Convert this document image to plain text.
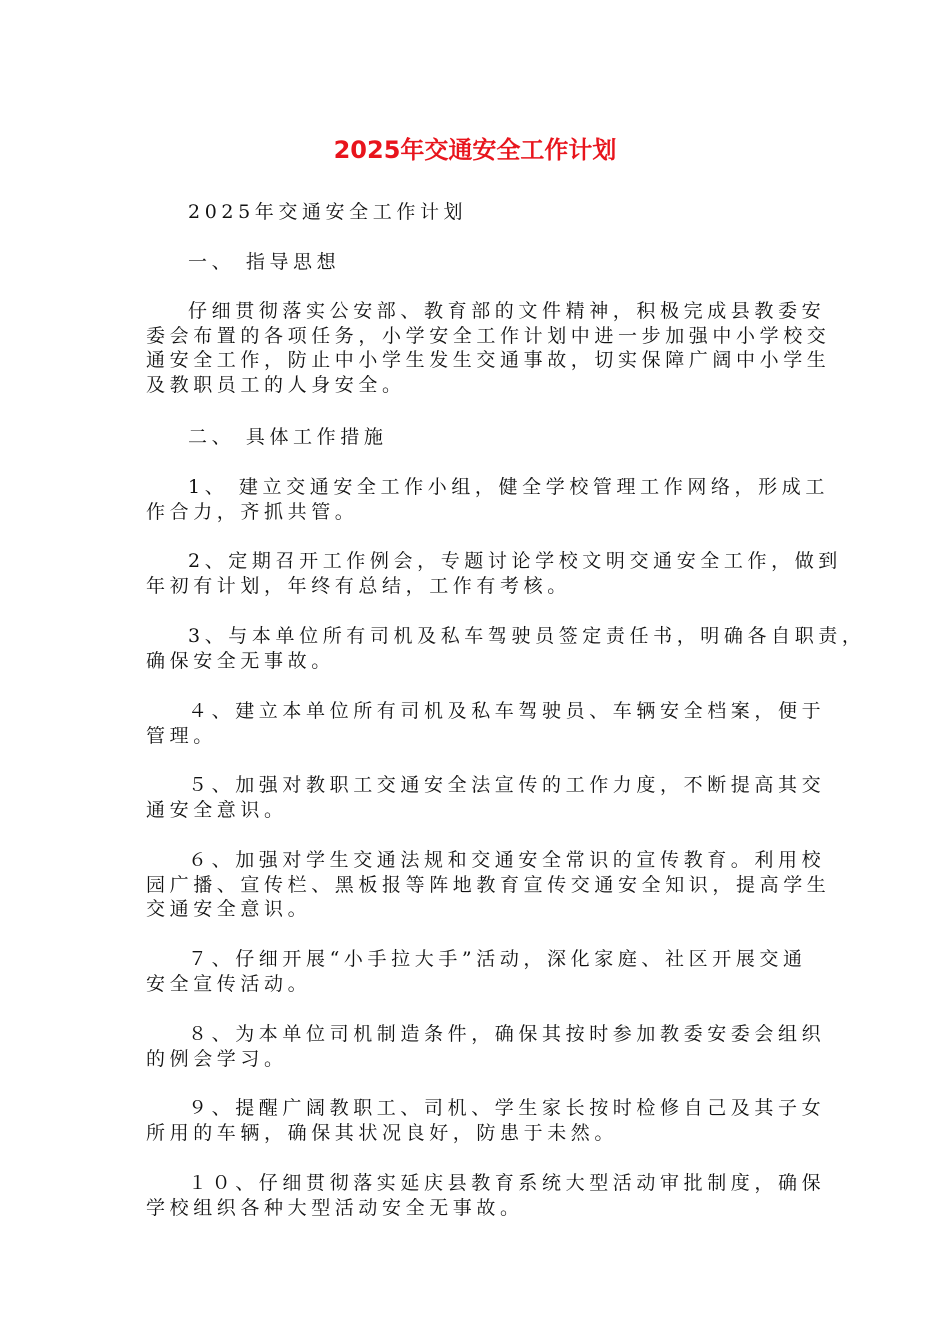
2025年交通安全工作计划
2025年交通安全工作计划
一、 指导思想
仔细贯彻落实公安部、教育部的文件精神，积极完成县教委安
委会布置的各项任务，小学安全工作计划中进一步加强中小学校交
通安全工作，防止中小学生发生交通事故，切实保障广阔中小学生
及教职员工的人身安全。
二、 具体工作措施
1、 建立交通安全工作小组，健全学校管理工作网络，形成工
作合力，齐抓共管。
2、定期召开工作例会，专题讨论学校文明交通安全工作，做到
年初有计划，年终有总结，工作有考核。
3、与本单位所有司机及私车驾驶员签定责任书，明确各自职责，
确保安全无事故。
４、建立本单位所有司机及私车驾驶员、车辆安全档案，便于
管理。
５、加强对教职工交通安全法宣传的工作力度，不断提高其交
通安全意识。
６、加强对学生交通法规和交通安全常识的宣传教育。利用校
园广播、宣传栏、黑板报等阵地教育宣传交通安全知识，提高学生
交通安全意识。
７、仔细开展“小手拉大手”活动，深化家庭、社区开展交通
安全宣传活动。
８、为本单位司机制造条件，确保其按时参加教委安委会组织
的例会学习。
９、提醒广阔教职工、司机、学生家长按时检修自己及其子女
所用的车辆，确保其状况良好，防患于未然。
１０、仔细贯彻落实延庆县教育系统大型活动审批制度，确保
学校组织各种大型活动安全无事故。
